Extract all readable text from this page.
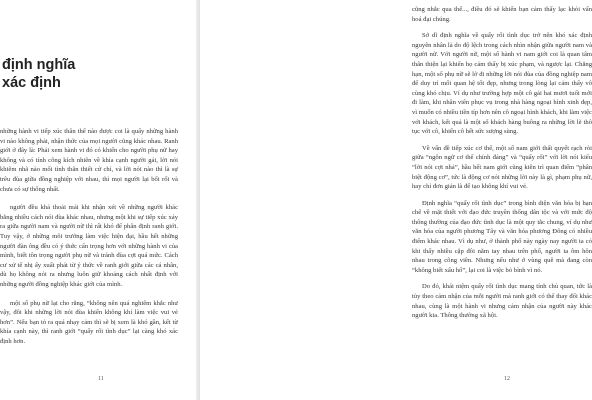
định nghĩa
xác định

những hành vi tiếp xúc thân thể nào được coi là quấy những hành vi nào không phải, nhận thức của mọi người cũng khác nhau. Ranh giới ở đây là: Phải xem hành vi đó có khiến cho người phụ nữ hay không và có tính công kích nhiên về khía cạnh người gái, lời nói khiêm nhã nào mối tình thân thiết cử chỉ, và lời nói nào thì là sự trêu đùa giữa đồng nghiệp với nhau, thì mọi người lại bối rối và chưa có sự thống nhất.

người đều khá thoải mái khi nhận xét về những người khác bằng nhiều cách nói đùa khác nhau, nhưng một khi sự tiếp xúc xảy ra giữa người nam và người nữ thì rất khó để phân định ranh giới. Tuy vậy, ở những môi trường làm việc hiện đại, hầu hết những người đàn ông đều có ý thức cẩn trọng hơn với những hành vi của mình, biết tôn trọng người phụ nữ và tránh đùa cợt quá mức. Cách cư xử tế nhị ấy xuất phát từ ý thức về ranh giới giữa các cá nhân, dù họ không nói ra nhưng luôn giữ khoảng cách nhất định với những người đồng nghiệp khác giới của mình.

một số phụ nữ lại cho rằng, “không nên quá nghiêm khắc như vậy, đôi khi những lời nói đùa khiến không khí làm việc vui vẻ hơn”. Nếu bạn tỏ ra quá nhạy cảm thì sẽ bị xem là khó gần, kết từ khía cạnh này, thì ranh giới “quấy rối tình dục” lại càng khó xác định hơn.

11

cũng nhắc qua thế..., điều đó sẽ khiến bạn cảm thấy lạc khỏi vấn hoá đại chúng.

Sở dĩ định nghĩa về quấy rối tình dục trở nên khó xác định nguyên nhân là do độ lệch trong cách nhìn nhận giữa người nam và người nữ. Với người nữ, một số hành vi nam giới coi là quan tâm thân thiện lại khiến họ cảm thấy bị xúc phạm, và ngược lại. Chẳng hạn, một số phụ nữ sẽ lờ đi những lời nói đùa của đồng nghiệp nam để duy trì mối quan hệ tốt đẹp, nhưng trong lòng lại cảm thấy vô cùng khó chịu. Ví dụ như trường hợp một cô gái hai mươi tuổi mới đi làm, khi nhân viên phục vụ trong nhà hàng ngoại hình xinh đẹp, vì muốn có nhiều tiền típ hơn nên cô ngoại hình khách, khi làm việc với khách, kết quả là một số khách hàng buông ra những lời lẽ thô tục với cô, khiến cô hết sức sượng sùng.

Về vấn đề tiếp xúc cơ thể, một số nam giới thất quyết rạch ròi giữa “ngôn ngữ cơ thể chính đáng” và “quấy rối” với lời nói kiểu “lời nói cợt nhả”, hầu hết nam giới cũng kiên trì quan điểm “phân biệt động cơ”, tức là động cơ nói những lời này là gì, phạm phụ nữ, hay chỉ đơn giản là để tạo không khí vui vẻ.

Định nghĩa “quấy rối tình dục” trong bình diện văn hóa bị hạn chế về mặt thiết với đạo đức truyền thống dân tộc và với mức độ thông thường của đạo đức tình dục là một quy tắc chung, ví dụ như văn hóa của người phương Tây và văn hóa phương Đông có nhiều điểm khác nhau. Vì dụ như, ở thành phố này ngày nay người ta có khi thấy nhiều cặp đôi năm tay nhau trên phố, người ta ôm hôn nhau trong công viên. Nhưng nếu như ở vùng quê mà đang còn “không biết xấu hổ”, lại coi là việc bỏ bình vì nó.

Do đó, khái niệm quấy rối tình dục mang tính chủ quan, tức là tùy theo cảm nhận của mỗi người mà ranh giới có thể thay đổi khác nhau, cùng là một hành vi nhưng cảm nhận của người này khác người kia. Thông thường xã hội.

12
